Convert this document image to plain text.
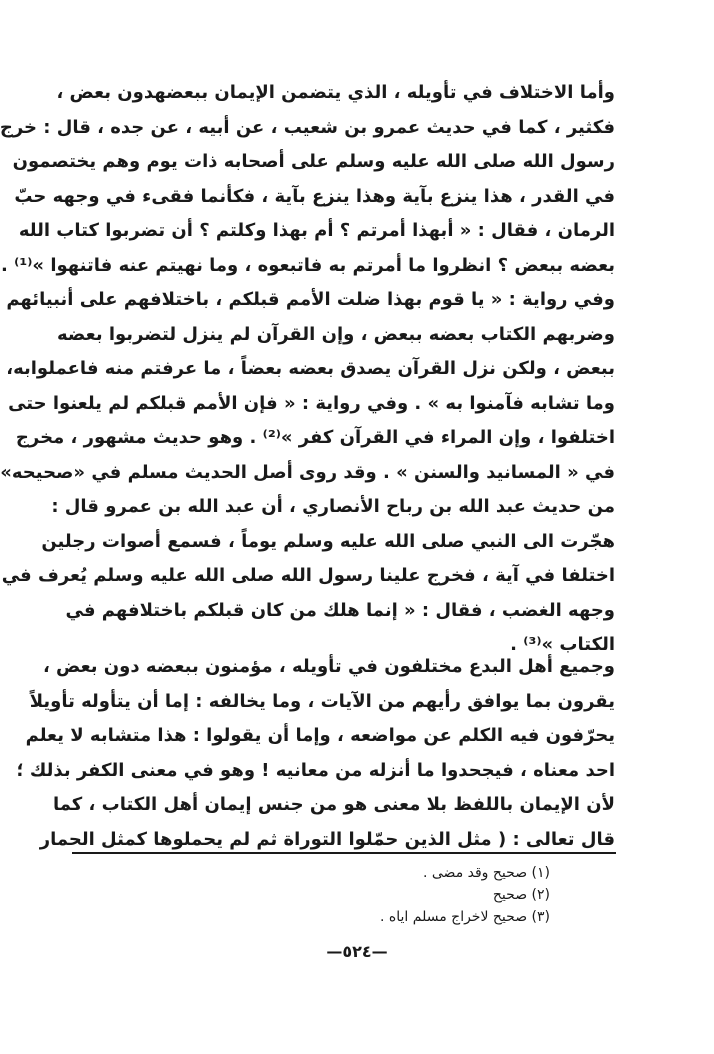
وأما الاختلاف في تأويله ، الذي يتضمن الإيمان ببعضهدون بعض ،
فكثير ، كما في حديث عمرو بن شعيب ، عن أبيه ، عن جده ، قال : خرج
رسول الله صلى الله عليه وسلم على أصحابه ذات يوم وهم يختصمون
في القدر ، هذا ينزع بآية وهذا ينزع بآية ، فكأنما فقىء في وجهه حبّ
الرمان ، فقال : « أبهذا أمرتم ؟ أم بهذا وكلتم ؟ أن تضربوا كتاب الله
بعضه ببعض ؟ انظروا ما أمرتم به فاتبعوه ، وما نهيتم عنه فاتنهوا »⁽¹⁾ .
وفي رواية : « يا قوم بهذا ضلت الأمم قبلكم ، باختلافهم على أنبيائهم
وضربهم الكتاب بعضه ببعض ، وإن القرآن لم ينزل لتضربوا بعضه
ببعض ، ولكن نزل القرآن يصدق بعضه بعضاً ، ما عرفتم منه فاعملوابه،
وما تشابه فآمنوا به » . وفي رواية : « فإن الأمم قبلكم لم يلعنوا حتى
اختلفوا ، وإن المراء في القرآن كفر »⁽²⁾ . وهو حديث مشهور ، مخرج
في « المسانيد والسنن » . وقد روى أصل الحديث مسلم في «صحيحه»
من حديث عبد الله بن رباح الأنصاري ، أن عبد الله بن عمرو قال :
هجّرت الى النبي صلى الله عليه وسلم يوماً ، فسمع أصوات رجلين
اختلفا في آية ، فخرج علينا رسول الله صلى الله عليه وسلم يُعرف في
وجهه الغضب ، فقال : « إنما هلك من كان قبلكم باختلافهم في
الكتاب »⁽³⁾ .
وجميع أهل البدع مختلفون في تأويله ، مؤمنون ببعضه دون بعض ،
يقرون بما يوافق رأيهم من الآيات ، وما يخالفه : إما أن يتأوله تأويلاً
يحرّفون فيه الكلم عن مواضعه ، وإما أن يقولوا : هذا متشابه لا يعلم
احد معناه ، فيجحدوا ما أنزله من معانيه ! وهو في معنى الكفر بذلك ؛
لأن الإيمان باللفظ بلا معنى هو من جنس إيمان أهل الكتاب ، كما
قال تعالى : ( مثل الذين حمّلوا التوراة ثم لم يحملوها كمثل الحمار
(١) صحيح وقد مضى .
(٢) صحيح
(٣) صحيح لاخراج مسلم اياه .
—٥٢٤—
